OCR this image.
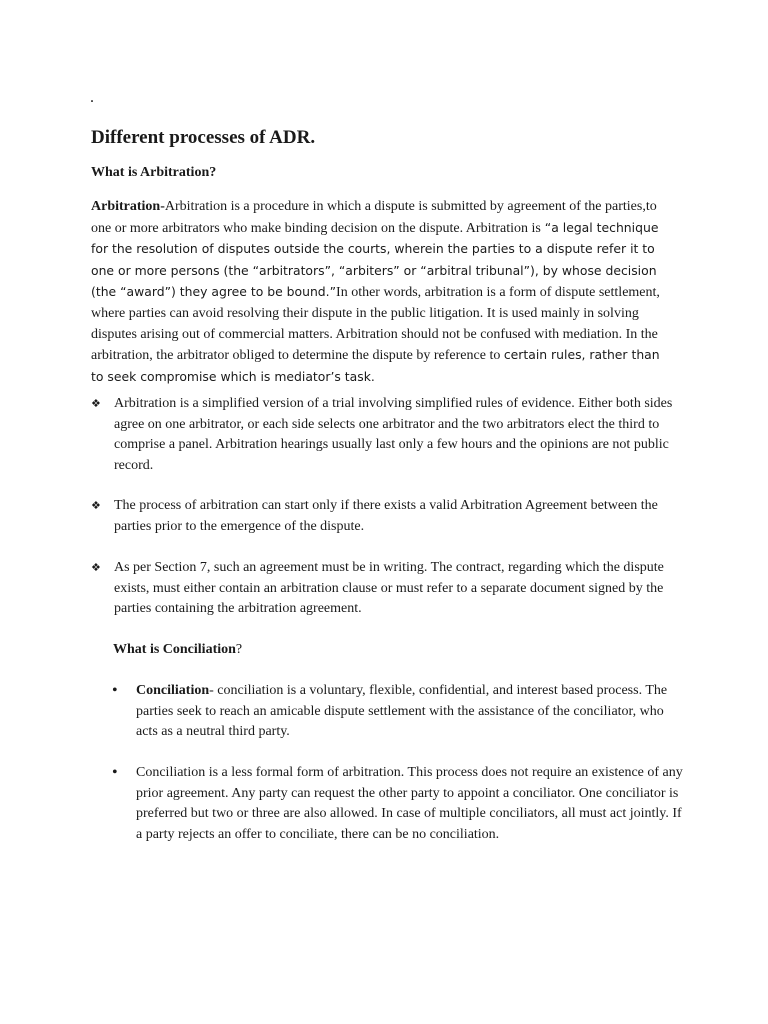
.
Different processes of ADR.
What is Arbitration?
Arbitration-Arbitration is a procedure in which a dispute is submitted by agreement of the parties,to one or more arbitrators who make binding decision on the dispute. Arbitration is “a legal technique for the resolution of disputes outside the courts, wherein the parties to a dispute refer it to one or more persons (the “arbitrators”, “arbiters” or “arbitral tribunal”), by whose decision (the “award”) they agree to be bound.”In other words, arbitration is a form of dispute settlement, where parties can avoid resolving their dispute in the public litigation. It is used mainly in solving disputes arising out of commercial matters. Arbitration should not be confused with mediation. In the arbitration, the arbitrator obliged to determine the dispute by reference to certain rules, rather than to seek compromise which is mediator’s task.
❖ Arbitration is a simplified version of a trial involving simplified rules of evidence. Either both sides agree on one arbitrator, or each side selects one arbitrator and the two arbitrators elect the third to comprise a panel. Arbitration hearings usually last only a few hours and the opinions are not public record.
❖ The process of arbitration can start only if there exists a valid Arbitration Agreement between the parties prior to the emergence of the dispute.
❖ As per Section 7, such an agreement must be in writing. The contract, regarding which the dispute exists, must either contain an arbitration clause or must refer to a separate document signed by the parties containing the arbitration agreement.
What is Conciliation?
•	Conciliation- conciliation is a voluntary, flexible, confidential, and interest based process. The parties seek to reach an amicable dispute settlement with the assistance of the conciliator, who acts as a neutral third party.
•	Conciliation is a less formal form of arbitration. This process does not require an existence of any prior agreement. Any party can request the other party to appoint a conciliator. One conciliator is preferred but two or three are also allowed. In case of multiple conciliators, all must act jointly. If a party rejects an offer to conciliate, there can be no conciliation.
